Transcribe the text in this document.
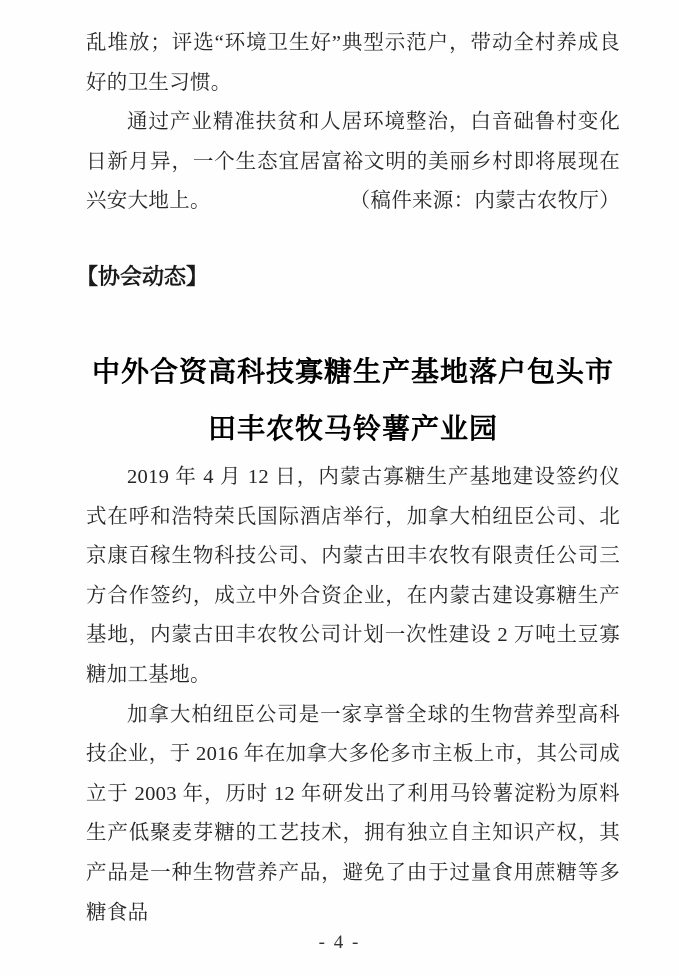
乱堆放；评选“环境卫生好”典型示范户，带动全村养成良好的卫生习惯。

通过产业精准扶贫和人居环境整治，白音础鲁村变化日新月异，一个生态宜居富裕文明的美丽乡村即将展现在兴安大地上。	（稿件来源：内蒙古农牧厅）

【协会动态】
中外合资高科技寡糖生产基地落户包头市
田丰农牧马铃薯产业园

2019 年 4 月 12 日，内蒙古寡糖生产基地建设签约仪式在呼和浩特荣氏国际酒店举行，加拿大柏纽臣公司、北京康百稼生物科技公司、内蒙古田丰农牧有限责任公司三方合作签约，成立中外合资企业，在内蒙古建设寡糖生产基地，内蒙古田丰农牧公司计划一次性建设 2 万吨土豆寡糖加工基地。

加拿大柏纽臣公司是一家享誉全球的生物营养型高科技企业，于 2016 年在加拿大多伦多市主板上市，其公司成立于 2003 年，历时 12 年研发出了利用马铃薯淀粉为原料生产低聚麦芽糖的工艺技术，拥有独立自主知识产权，其产品是一种生物营养产品，避免了由于过量食用蔗糖等多糖食品

- 4 -
